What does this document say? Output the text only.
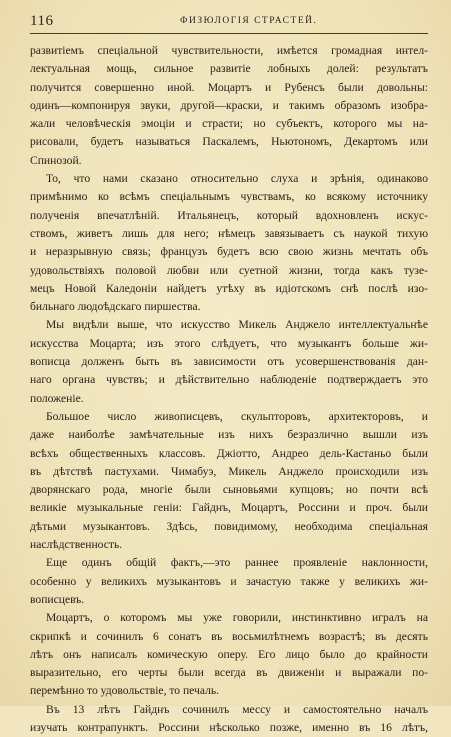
116	ФИЗЮЛОГІЯ СТРАСТЕЙ.
развитіемъ спеціальной чувствительности, имѣется громадная интел-
лектуальная мощь, сильное развитіе лобныхъ долей: результатъ
получится совершенно иной. Моцартъ и Рубенсъ были довольны:
одинъ—компонируя звуки, другой—краски, и такимъ образомъ изобра-
жали человѣческія эмоціи и страсти; но субъектъ, которого мы на-
рисовали, будетъ называться Паскалемъ, Ньютономъ, Декартомъ или
Спинозой.
То, что нами сказано относительно слуха и зрѣнія, одинаково
примѣнимо ко всѣмъ спеціальнымъ чувствамъ, ко всякому источнику
полученія впечатлѣній. Итальянецъ, который вдохновленъ искус-
ствомъ, живетъ лишь для него; нѣмецъ завязываетъ съ наукой тихую
и неразрывную связь; французъ будетъ всю свою жизнь мечтать объ
удовольствіяхъ половой любви или суетной жизни, тогда какъ тузе-
мецъ Новой Каледоніи найдетъ утѣху въ идіотскомъ снѣ послѣ изо-
бильнаго людоѣдскаго пиршества.
Мы видѣли выше, что искусство Микель Анджело интеллектуальнѣе
искусства Моцарта; изъ этого слѣдуетъ, что музыкантъ больше жи-
вописца долженъ быть въ зависимости отъ усовершенствованія дан-
наго органа чувствъ; и дѣйствительно наблюденіе подтверждаетъ это
положеніе.
Большое число живописцевъ, скульпторовъ, архитекторовъ, и
даже наиболѣе замѣчательные изъ нихъ безразлично вышли изъ
всѣхъ общественныхъ классовъ. Джіотто, Андрео дель-Кастаньо были
въ дѣтствѣ пастухами. Чимабуэ, Микель Анджело происходили изъ
дворянскаго рода, многіе были сыновьями купцовъ; но почти всѣ
великіе музыкальные геніи: Гайднъ, Моцартъ, Россини и проч. были
дѣтьми музыкантовъ. Здѣсь, повидимому, необходима спеціальная
наслѣдственность.
Еще одинъ общій фактъ,—это раннее проявленіе наклонности,
особенно у великихъ музыкантовъ и зачастую также у великихъ жи-
вописцевъ.
Моцартъ, о которомъ мы уже говорили, инстинктивно игралъ на
скрипкѣ и сочинилъ 6 сонатъ въ восьмилѣтнемъ возрастѣ; въ десять
лѣтъ онъ написалъ комическую оперу. Его лицо было до крайности
выразительно, его черты были всегда въ движеніи и выражали по-
перемѣнно то удовольствіе, то печаль.
Въ 13 лѣтъ Гайднъ сочинилъ мессу и самостоятельно началъ
изучать контрапунктъ. Россини нѣсколько позже, именно въ 16 лѣтъ,
